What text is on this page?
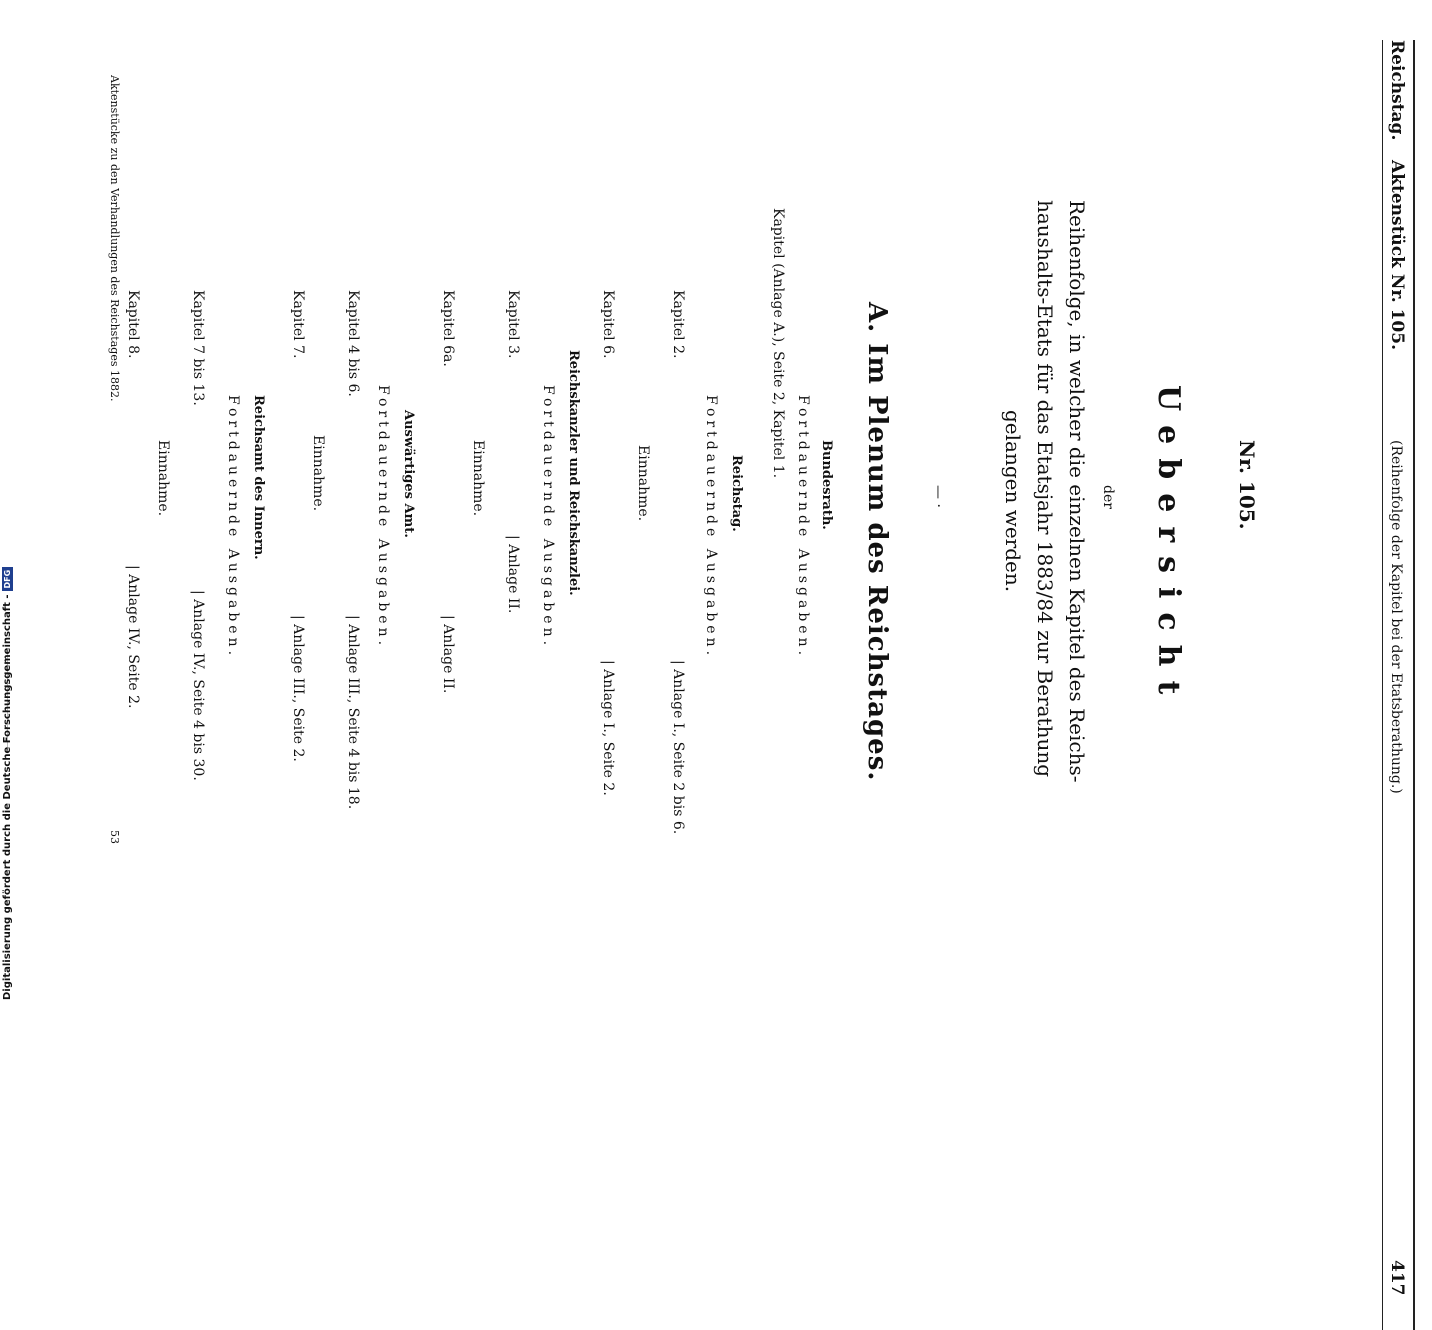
Reichstag.
Aktenstück Nr. 105.
(Reihenfolge der Kapitel bei der Etatsberathung.)
417
Nr. 105.
Uebersicht
der
Reihenfolge, in welcher die einzelnen Kapitel des Reichs-
haushalts-Etats für das Etatsjahr 1883/84 zur Berathung
gelangen werden.
— ·
A. Im Plenum des Reichstages.
Bundesrath.
Fortdauernde Ausgaben.
Kapitel (Anlage A.), Seite 2, Kapitel 1.
Reichstag.
Fortdauernde Ausgaben.
Kapitel 2.
| Anlage I., Seite 2 bis 6.
Einnahme.
Kapitel 6.
| Anlage I., Seite 2.
Reichskanzler und Reichskanzlei.
Fortdauernde Ausgaben.
Kapitel 3.
| Anlage II.
Einnahme.
Kapitel 6a.
| Anlage II.
Auswärtiges Amt.
Fortdauernde Ausgaben.
Kapitel 4 bis 6.
| Anlage III., Seite 4 bis 18.
Einnahme.
Kapitel 7.
| Anlage III., Seite 2.
Reichsamt des Innern.
Fortdauernde Ausgaben.
Kapitel 7 bis 13.
| Anlage IV., Seite 4 bis 30.
Einnahme.
Kapitel 8.
| Anlage IV., Seite 2.
Aktenstücke zu den Verhandlungen des Reichstages 1882.
53
Digitalisierung gefördert durch die Deutsche Forschungsgemeinschaft -DFG
